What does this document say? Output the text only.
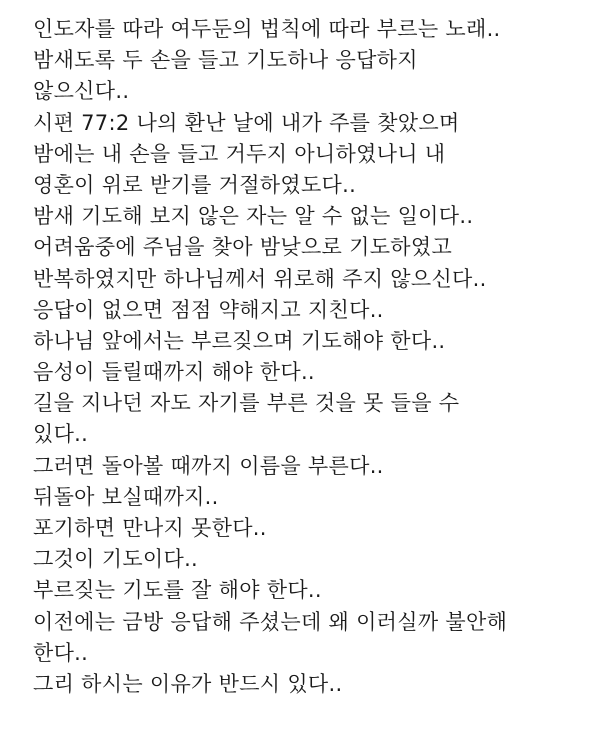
인도자를 따라 여두둔의 법칙에 따라 부르는 노래..
밤새도록 두 손을 들고 기도하나 응답하지
않으신다..
시편 77:2 나의 환난 날에 내가 주를 찾았으며
밤에는 내 손을 들고 거두지 아니하였나니 내
영혼이 위로 받기를 거절하였도다..
밤새 기도해 보지 않은 자는 알 수 없는 일이다..
어려움중에 주님을 찾아 밤낮으로 기도하였고
반복하였지만 하나님께서 위로해 주지 않으신다..
응답이 없으면 점점 약해지고 지친다..
하나님 앞에서는 부르짖으며 기도해야 한다..
음성이 들릴때까지 해야 한다..
길을 지나던 자도 자기를 부른 것을 못 들을 수
있다..
그러면 돌아볼 때까지 이름을 부른다..
뒤돌아 보실때까지..
포기하면 만나지 못한다..
그것이 기도이다..
부르짖는 기도를 잘 해야 한다..
이전에는 금방 응답해 주셨는데 왜 이러실까 불안해
한다..
그리 하시는 이유가 반드시 있다..
